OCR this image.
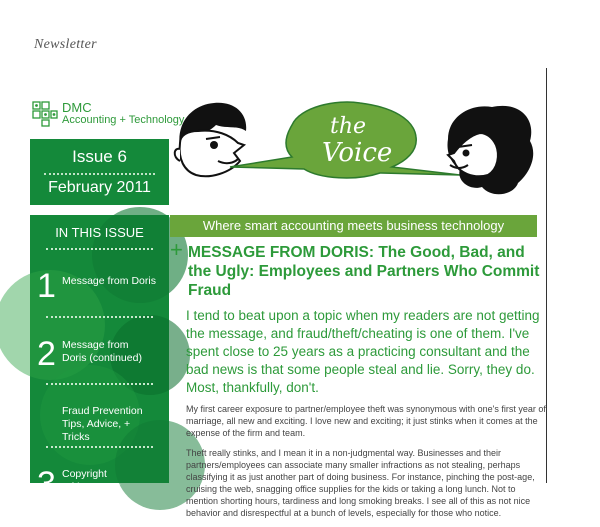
Newsletter
DMC
Accounting + Technology	the
Voice
Issue 6
February 2011
IN THIS ISSUE
1 Message from Doris
2 Message from Doris (continued)
Fraud Prevention Tips, Advice, + Tricks
3 Copyright Infringement
Where smart accounting meets business technology
+ MESSAGE FROM DORIS: The Good, Bad, and the Ugly: Employees and Partners Who Commit Fraud
I tend to beat upon a topic when my readers are not getting the message, and fraud/theft/cheating is one of them. I've spent close to 25 years as a practicing consultant and the bad news is that some people steal and lie. Sorry, they do. Most, thankfully, don't.

My first career exposure to partner/employee theft was synonymous with one's first year of marriage, all new and exciting. I love new and exciting; it just stinks when it comes at the expense of the firm and team.

Theft really stinks, and I mean it in a non-judgmental way. Businesses and their partners/employees can associate many smaller infractions as not stealing, perhaps classifying it as just another part of doing business. For instance, pinching the post-age, cruising the web, snagging office supplies for the kids or taking a long lunch. Not to mention shorting hours, tardiness and long smoking breaks. I see all of this as not nice behavior and disrespectful at a bunch of levels, especially for those who notice.
